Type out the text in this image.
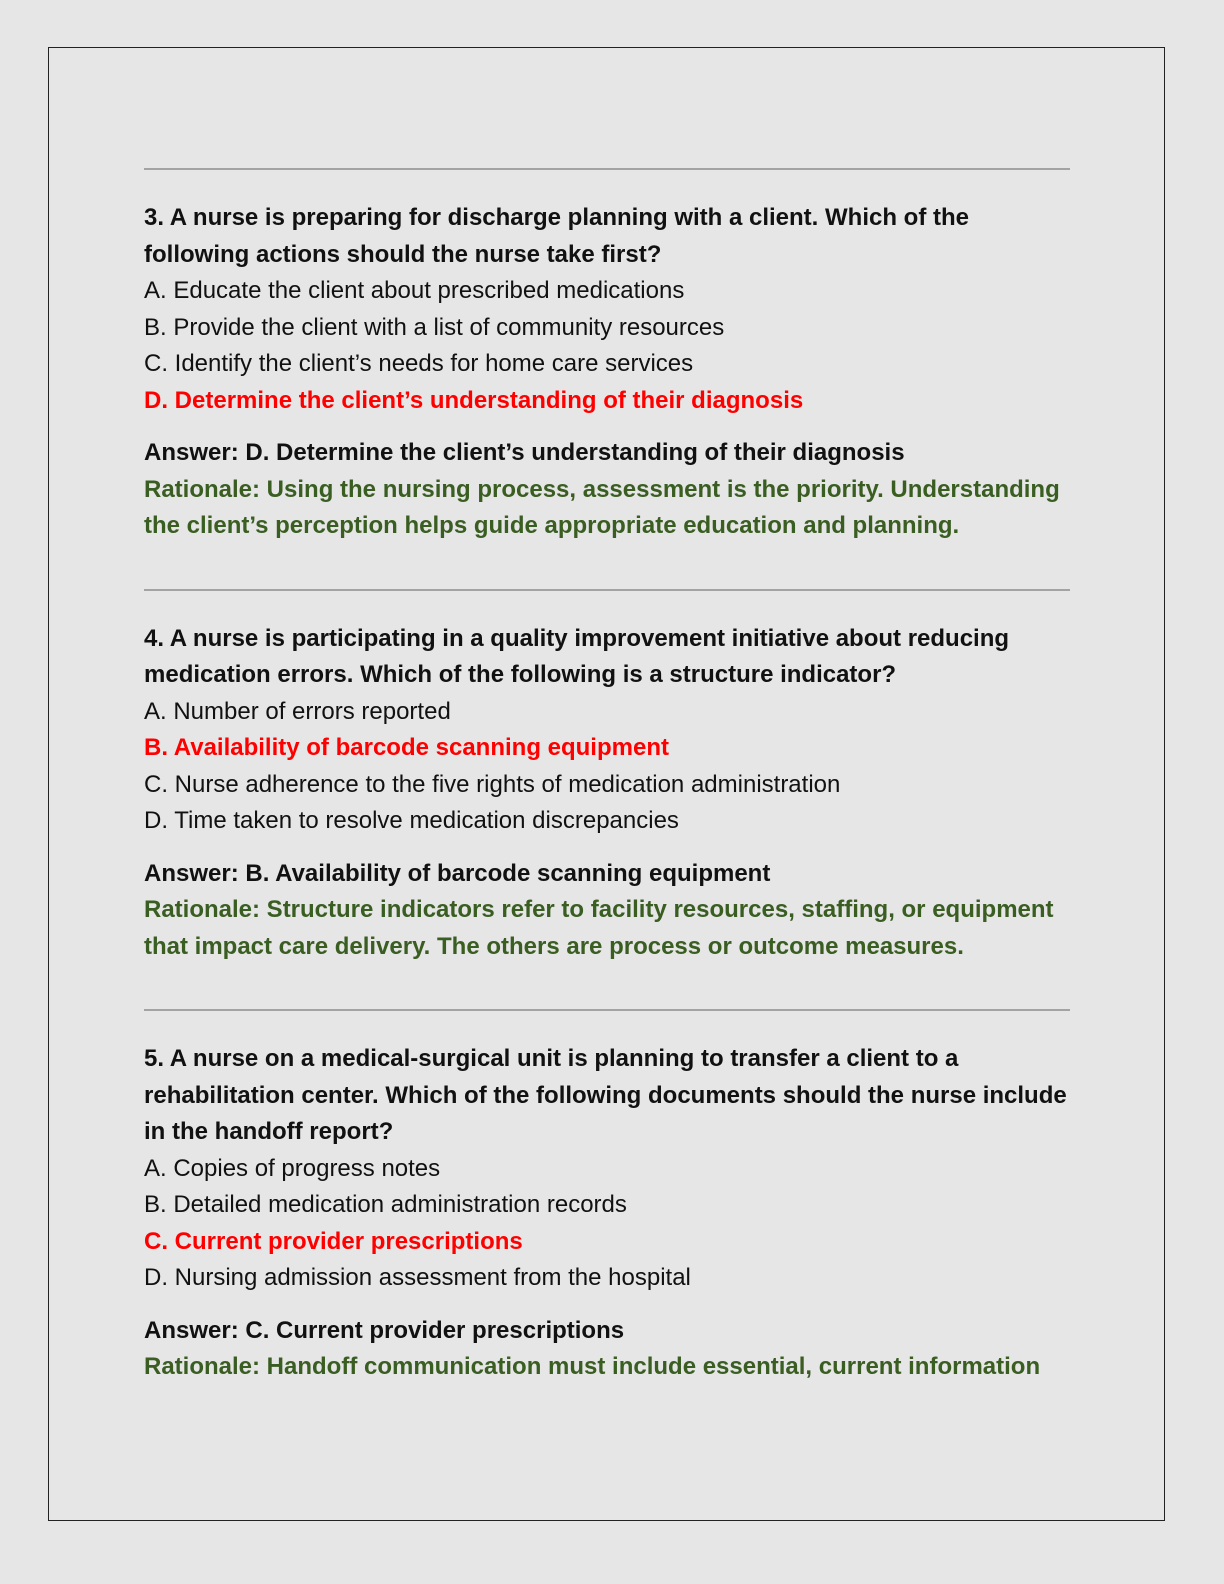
3. A nurse is preparing for discharge planning with a client. Which of the following actions should the nurse take first?
A. Educate the client about prescribed medications
B. Provide the client with a list of community resources
C. Identify the client’s needs for home care services
D. Determine the client’s understanding of their diagnosis
Answer: D. Determine the client’s understanding of their diagnosis
Rationale: Using the nursing process, assessment is the priority. Understanding the client’s perception helps guide appropriate education and planning.
4. A nurse is participating in a quality improvement initiative about reducing medication errors. Which of the following is a structure indicator?
A. Number of errors reported
B. Availability of barcode scanning equipment
C. Nurse adherence to the five rights of medication administration
D. Time taken to resolve medication discrepancies
Answer: B. Availability of barcode scanning equipment
Rationale: Structure indicators refer to facility resources, staffing, or equipment that impact care delivery. The others are process or outcome measures.
5. A nurse on a medical-surgical unit is planning to transfer a client to a rehabilitation center. Which of the following documents should the nurse include in the handoff report?
A. Copies of progress notes
B. Detailed medication administration records
C. Current provider prescriptions
D. Nursing admission assessment from the hospital
Answer: C. Current provider prescriptions
Rationale: Handoff communication must include essential, current information
